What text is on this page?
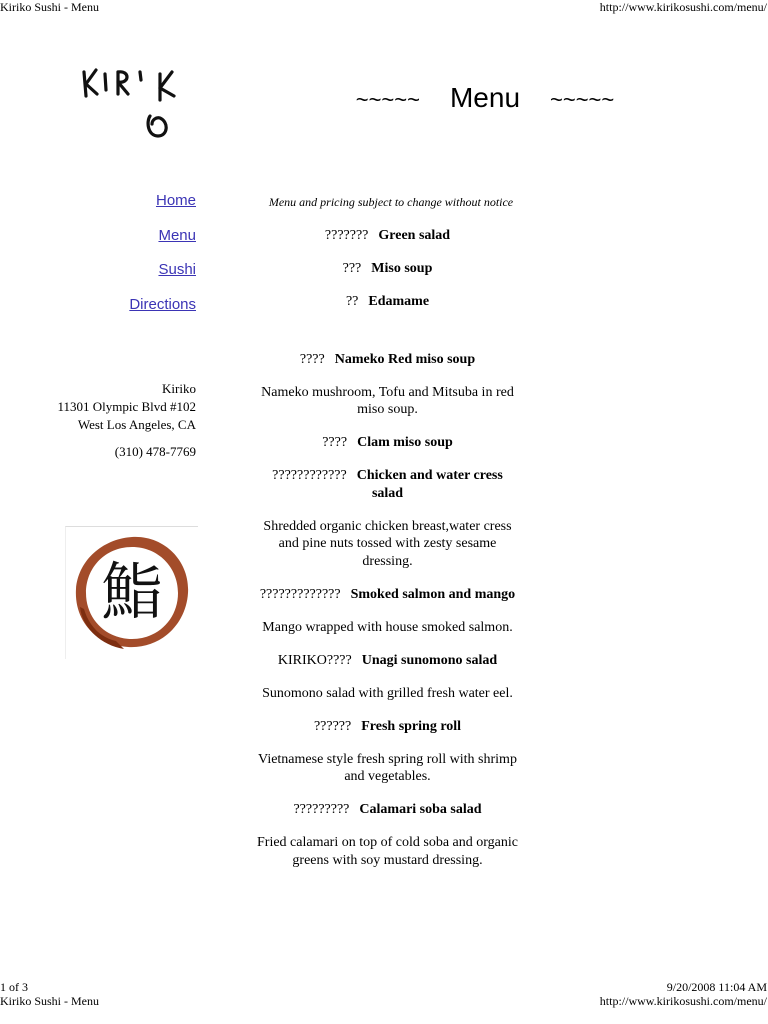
Kiriko Sushi - Menu	http://www.kirikosushi.com/menu/
~~~~~ Menu ~~~~~
Home
Menu
Sushi
Directions
Kiriko
11301 Olympic Blvd #102
West Los Angeles, CA
(310) 478-7769
鮨
Menu and pricing subject to change without notice
??????? Green salad
??? Miso soup
?? Edamame
???? Nameko Red miso soup
Nameko mushroom, Tofu and Mitsuba in red miso soup.
???? Clam miso soup
???????????? Chicken and water cress salad
Shredded organic chicken breast,water cress and pine nuts tossed with zesty sesame dressing.
????????????? Smoked salmon and mango
Mango wrapped with house smoked salmon.
KIRIKO???? Unagi sunomono salad
Sunomono salad with grilled fresh water eel.
?????? Fresh spring roll
Vietnamese style fresh spring roll with shrimp and vegetables.
????????? Calamari soba salad
Fried calamari on top of cold soba and organic greens with soy mustard dressing.
1 of 3
Kiriko Sushi - Menu
9/20/2008 11:04 AM
http://www.kirikosushi.com/menu/
